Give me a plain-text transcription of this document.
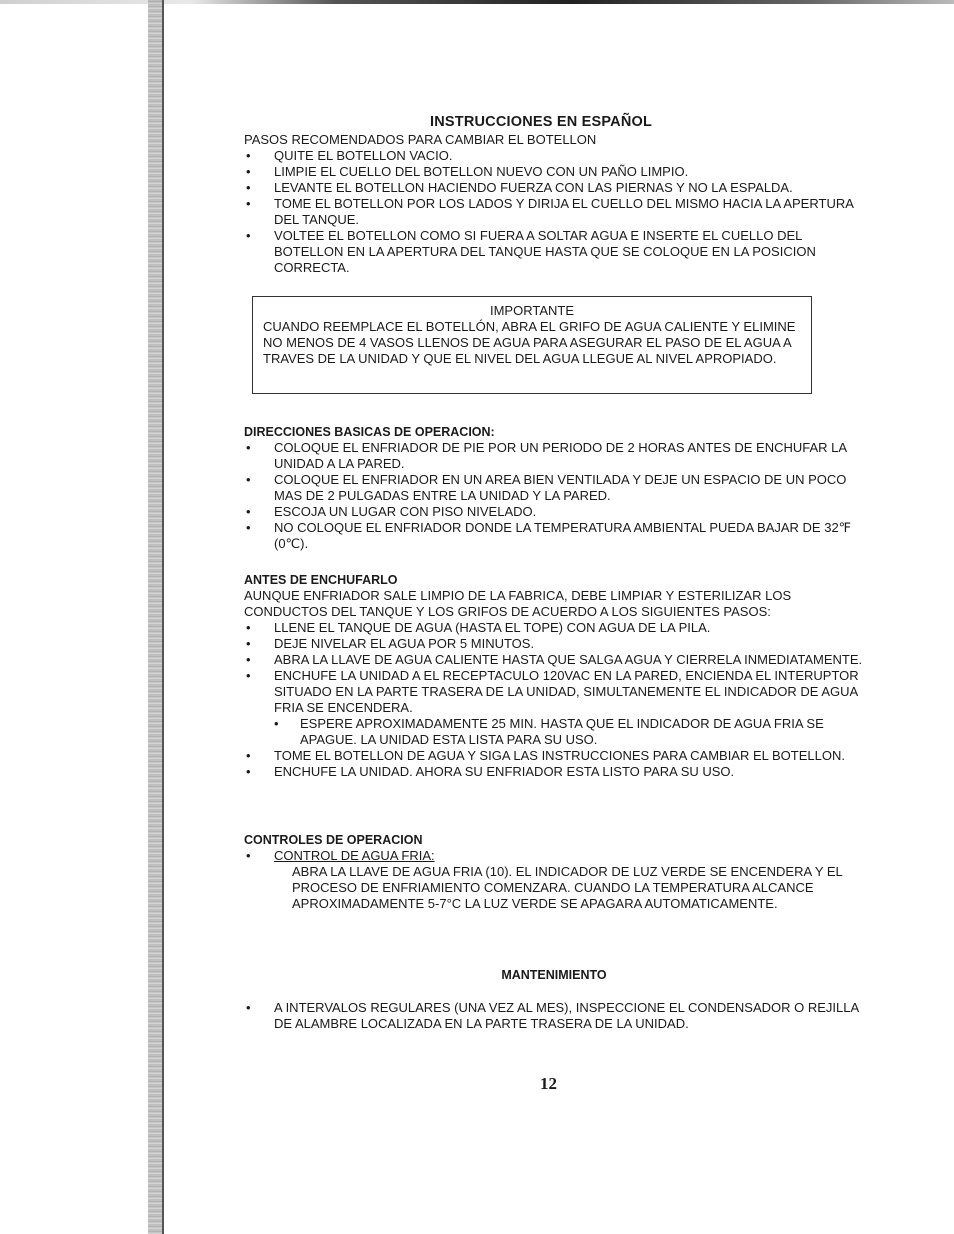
INSTRUCCIONES EN ESPAÑOL
PASOS RECOMENDADOS PARA CAMBIAR EL BOTELLON
• QUITE EL BOTELLON VACIO.
• LIMPIE EL CUELLO DEL BOTELLON NUEVO CON UN PAÑO LIMPIO.
• LEVANTE EL BOTELLON HACIENDO FUERZA CON LAS PIERNAS Y NO LA ESPALDA.
• TOME EL BOTELLON POR LOS LADOS Y DIRIJA EL CUELLO DEL MISMO HACIA LA APERTURA DEL TANQUE.
• VOLTEE EL BOTELLON COMO SI FUERA A SOLTAR AGUA E INSERTE EL CUELLO DEL BOTELLON EN LA APERTURA DEL TANQUE HASTA QUE SE COLOQUE EN LA POSICION CORRECTA.
IMPORTANTE
CUANDO REEMPLACE EL BOTELLÓN, ABRA EL GRIFO DE AGUA CALIENTE Y ELIMINE NO MENOS DE 4 VASOS LLENOS DE AGUA PARA ASEGURAR EL PASO DE EL AGUA A TRAVES DE LA UNIDAD Y QUE EL NIVEL DEL AGUA LLEGUE AL NIVEL APROPIADO.
DIRECCIONES BASICAS DE OPERACION:
• COLOQUE EL ENFRIADOR DE PIE POR UN PERIODO DE 2 HORAS ANTES DE ENCHUFAR LA UNIDAD A LA PARED.
• COLOQUE EL ENFRIADOR EN UN AREA BIEN VENTILADA Y DEJE UN ESPACIO DE UN POCO MAS DE 2 PULGADAS ENTRE LA UNIDAD Y LA PARED.
• ESCOJA UN LUGAR CON PISO NIVELADO.
• NO COLOQUE EL ENFRIADOR DONDE LA TEMPERATURA AMBIENTAL PUEDA BAJAR DE 32℉ (0℃).
ANTES DE ENCHUFARLO
AUNQUE ENFRIADOR SALE LIMPIO DE LA FABRICA, DEBE LIMPIAR Y ESTERILIZAR LOS CONDUCTOS DEL TANQUE Y LOS GRIFOS DE ACUERDO A LOS SIGUIENTES PASOS:
• LLENE EL TANQUE DE AGUA (HASTA EL TOPE) CON AGUA DE LA PILA.
• DEJE NIVELAR EL AGUA POR 5 MINUTOS.
• ABRA LA LLAVE DE AGUA CALIENTE HASTA QUE SALGA AGUA Y CIERRELA INMEDIATAMENTE.
• ENCHUFE LA UNIDAD A EL RECEPTACULO 120VAC EN LA PARED, ENCIENDA EL INTERUPTOR SITUADO EN LA PARTE TRASERA DE LA UNIDAD, SIMULTANEMENTE EL INDICADOR DE AGUA FRIA SE ENCENDERA.
• ESPERE APROXIMADAMENTE 25 MIN. HASTA QUE EL INDICADOR DE AGUA FRIA SE APAGUE. LA UNIDAD ESTA LISTA PARA SU USO.
• TOME EL BOTELLON DE AGUA Y SIGA LAS INSTRUCCIONES PARA CAMBIAR EL BOTELLON.
• ENCHUFE LA UNIDAD. AHORA SU ENFRIADOR ESTA LISTO PARA SU USO.
CONTROLES DE OPERACION
• CONTROL DE AGUA FRIA:
ABRA LA LLAVE DE AGUA FRIA (10). EL INDICADOR DE LUZ VERDE SE ENCENDERA Y EL PROCESO DE ENFRIAMIENTO COMENZARA. CUANDO LA TEMPERATURA ALCANCE APROXIMADAMENTE 5-7°C LA LUZ VERDE SE APAGARA AUTOMATICAMENTE.
MANTENIMIENTO
• A INTERVALOS REGULARES (UNA VEZ AL MES), INSPECCIONE EL CONDENSADOR O REJILLA DE ALAMBRE LOCALIZADA EN LA PARTE TRASERA DE LA UNIDAD.
12
